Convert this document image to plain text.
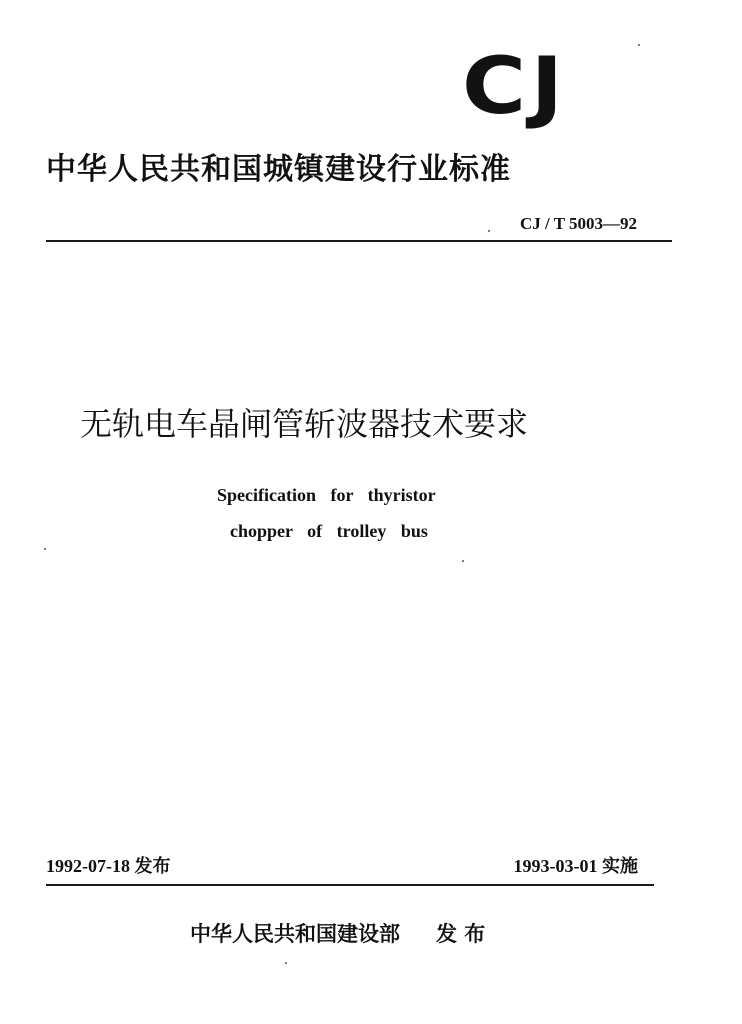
CJ
中华人民共和国城镇建设行业标准
CJ / T 5003—92
无轨电车晶闸管斩波器技术要求
Specification for thyristor
chopper of trolley bus
1992-07-18 发布	1993-03-01 实施
中华人民共和国建设部 发 布
